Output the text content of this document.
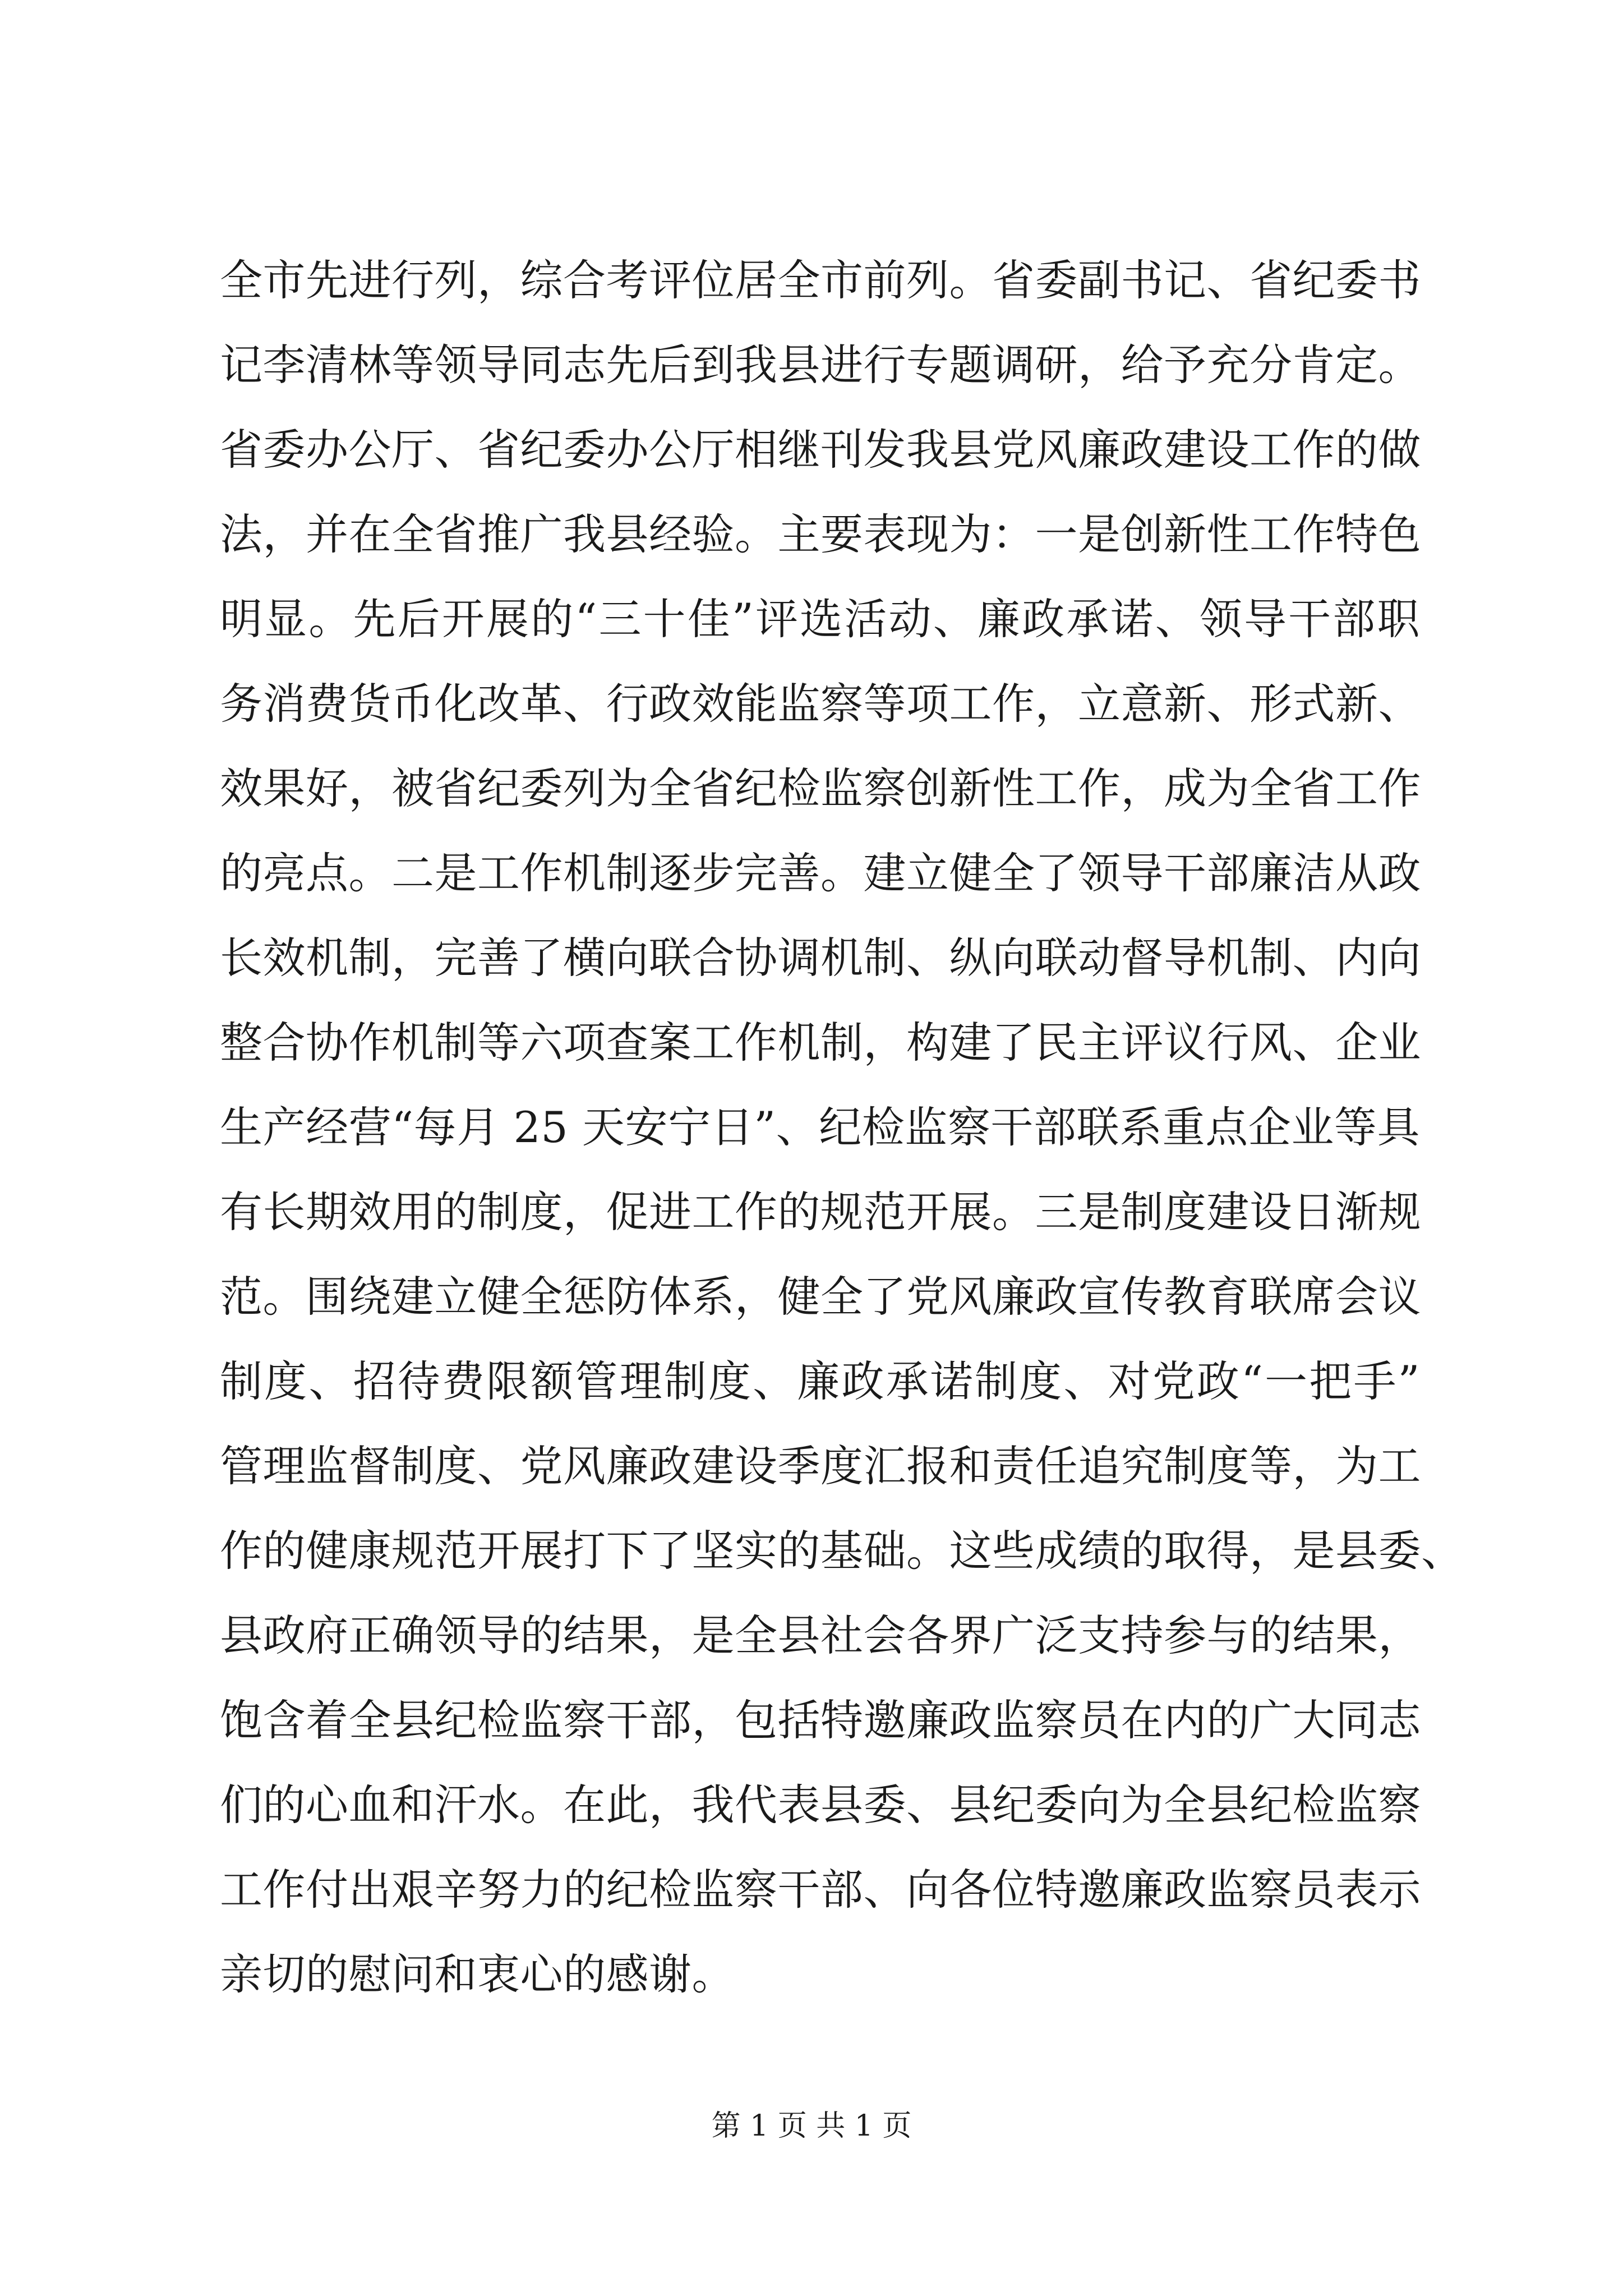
全市先进行列，综合考评位居全市前列。省委副书记、省纪委书
记李清林等领导同志先后到我县进行专题调研，给予充分肯定。
省委办公厅、省纪委办公厅相继刊发我县党风廉政建设工作的做
法，并在全省推广我县经验。主要表现为：一是创新性工作特色
明显。先后开展的“三十佳”评选活动、廉政承诺、领导干部职
务消费货币化改革、行政效能监察等项工作，立意新、形式新、
效果好，被省纪委列为全省纪检监察创新性工作，成为全省工作
的亮点。二是工作机制逐步完善。建立健全了领导干部廉洁从政
长效机制，完善了横向联合协调机制、纵向联动督导机制、内向
整合协作机制等六项查案工作机制，构建了民主评议行风、企业
生产经营“每月 25 天安宁日”、纪检监察干部联系重点企业等具
有长期效用的制度，促进工作的规范开展。三是制度建设日渐规
范。围绕建立健全惩防体系，健全了党风廉政宣传教育联席会议
制度、招待费限额管理制度、廉政承诺制度、对党政“一把手”
管理监督制度、党风廉政建设季度汇报和责任追究制度等，为工
作的健康规范开展打下了坚实的基础。这些成绩的取得，是县委、
县政府正确领导的结果，是全县社会各界广泛支持参与的结果，
饱含着全县纪检监察干部，包括特邀廉政监察员在内的广大同志
们的心血和汗水。在此，我代表县委、县纪委向为全县纪检监察
工作付出艰辛努力的纪检监察干部、向各位特邀廉政监察员表示
亲切的慰问和衷心的感谢。
第 1 页 共 1 页
